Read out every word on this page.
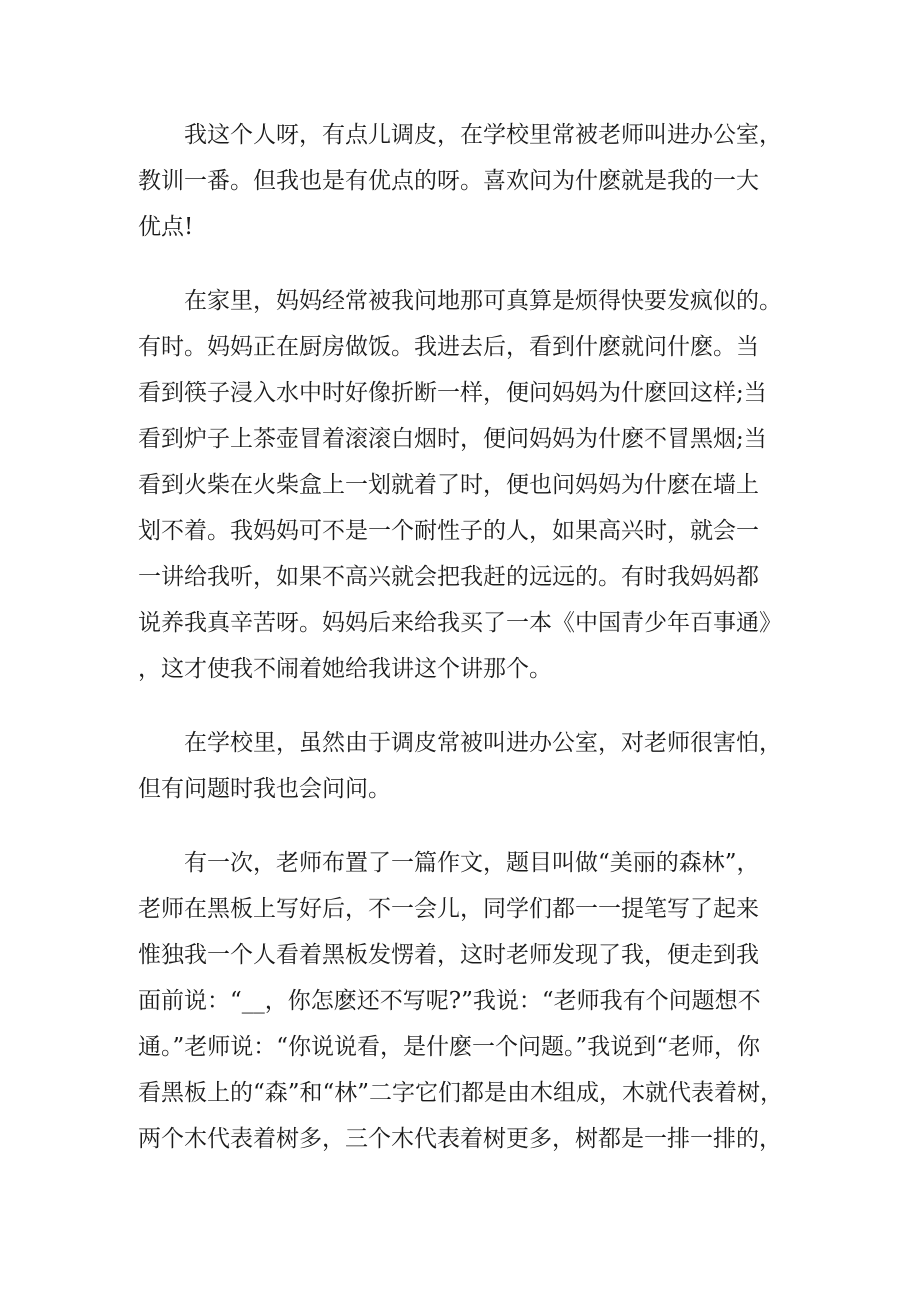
我这个人呀，有点儿调皮，在学校里常被老师叫进办公室，
教训一番。但我也是有优点的呀。喜欢问为什麽就是我的一大
优点!
在家里，妈妈经常被我问地那可真算是烦得快要发疯似的。
有时。妈妈正在厨房做饭。我进去后，看到什麽就问什麽。当
看到筷子浸入水中时好像折断一样，便问妈妈为什麽回这样;当
看到炉子上茶壶冒着滚滚白烟时，便问妈妈为什麽不冒黑烟;当
看到火柴在火柴盒上一划就着了时，便也问妈妈为什麽在墙上
划不着。我妈妈可不是一个耐性子的人，如果高兴时，就会一
一讲给我听，如果不高兴就会把我赶的远远的。有时我妈妈都
说养我真辛苦呀。妈妈后来给我买了一本《中国青少年百事通》
，这才使我不闹着她给我讲这个讲那个。
在学校里，虽然由于调皮常被叫进办公室，对老师很害怕，
但有问题时我也会问问。
有一次，老师布置了一篇作文，题目叫做“美丽的森林”，
老师在黑板上写好后，不一会儿，同学们都一一提笔写了起来
惟独我一个人看着黑板发愣着，这时老师发现了我，便走到我
面前说：“__，你怎麽还不写呢?”我说：“老师我有个问题想不
通。”老师说：“你说说看，是什麽一个问题。”我说到“老师，你
看黑板上的“森”和“林”二字它们都是由木组成，木就代表着树，
两个木代表着树多，三个木代表着树更多，树都是一排一排的，
